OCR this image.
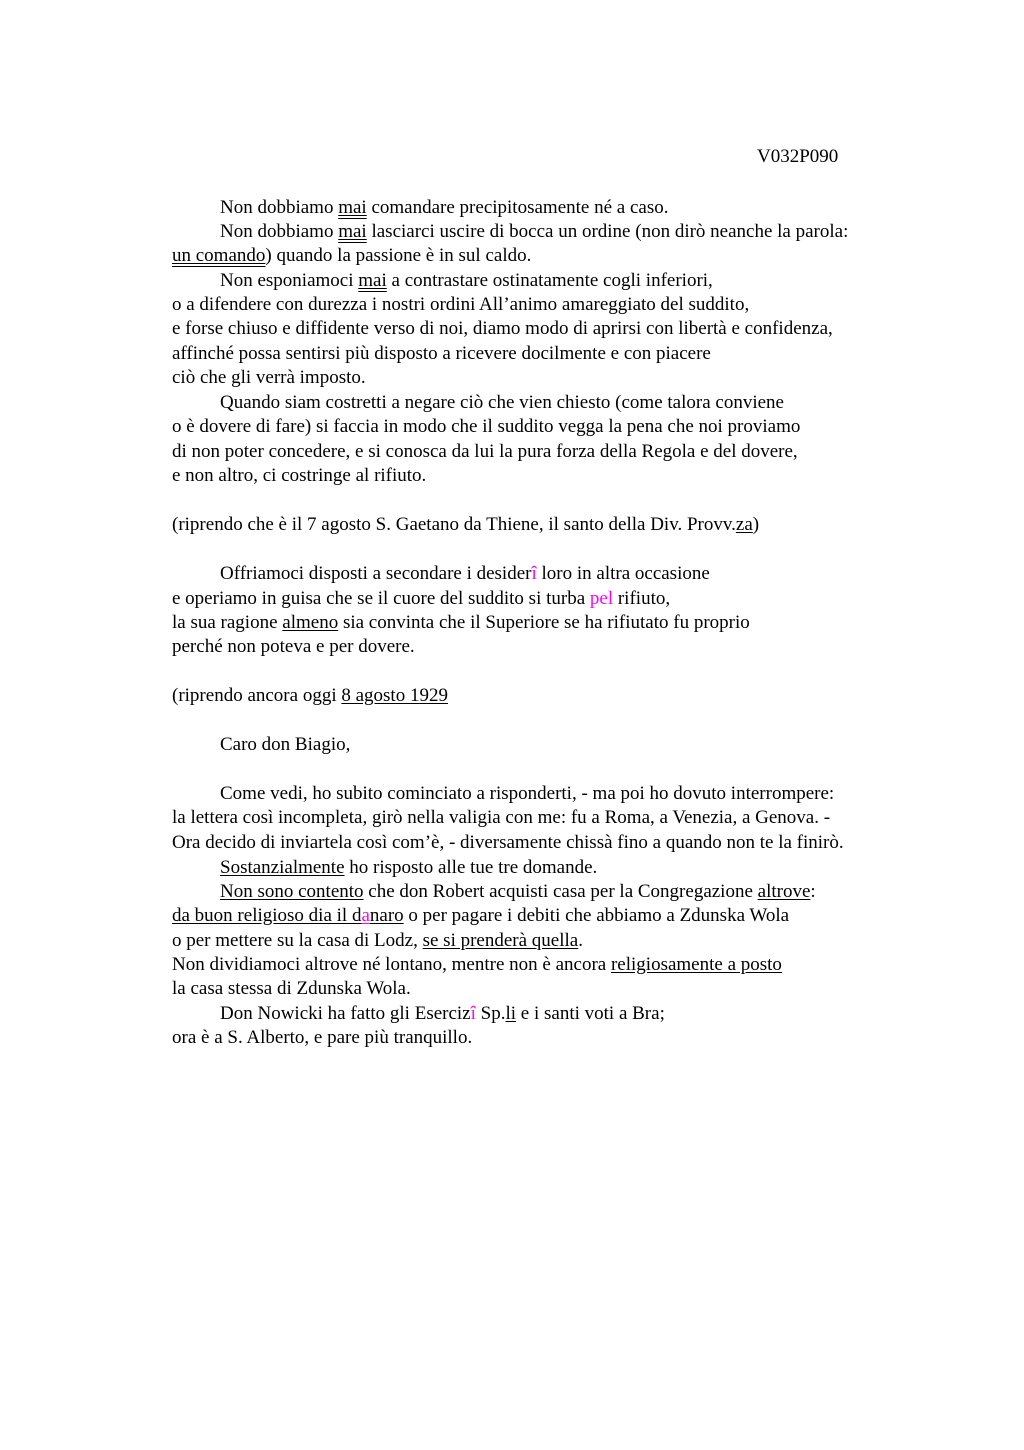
V032P090
Non dobbiamo mai comandare precipitosamente né a caso.
Non dobbiamo mai lasciarci uscire di bocca un ordine (non dirò neanche la parola:
un comando) quando la passione è in sul caldo.
Non esponiamoci mai a contrastare ostinatamente cogli inferiori,
o a difendere con durezza i nostri ordini All’animo amareggiato del suddito,
e forse chiuso e diffidente verso di noi, diamo modo di aprirsi con libertà e confidenza,
affinché possa sentirsi più disposto a ricevere docilmente e con piacere
ciò che gli verrà imposto.
Quando siam costretti a negare ciò che vien chiesto (come talora conviene
o è dovere di fare) si faccia in modo che il suddito vegga la pena che noi proviamo
di non poter concedere, e si conosca da lui la pura forza della Regola e del dovere,
e non altro, ci costringe al rifiuto.
(riprendo che è il 7 agosto S. Gaetano da Thiene, il santo della Div. Provv.za)
Offriamoci disposti a secondare i desiderî loro in altra occasione
e operiamo in guisa che se il cuore del suddito si turba pel rifiuto,
la sua ragione almeno sia convinta che il Superiore se ha rifiutato fu proprio
perché non poteva e per dovere.
(riprendo ancora oggi 8 agosto 1929
Caro don Biagio,
Come vedi, ho subito cominciato a risponderti, - ma poi ho dovuto interrompere:
la lettera così incompleta, girò nella valigia con me: fu a Roma, a Venezia, a Genova. -
Ora decido di inviartela così com’è, - diversamente chissà fino a quando non te la finirò.
Sostanzialmente ho risposto alle tue tre domande.
Non sono contento che don Robert acquisti casa per la Congregazione altrove:
da buon religioso dia il danaro o per pagare i debiti che abbiamo a Zdunska Wola
o per mettere su la casa di Lodz, se si prenderà quella.
Non dividiamoci altrove né lontano, mentre non è ancora religiosamente a posto
la casa stessa di Zdunska Wola.
Don Nowicki ha fatto gli Esercizî Sp.li e i santi voti a Bra;
ora è a S. Alberto, e pare più tranquillo.
